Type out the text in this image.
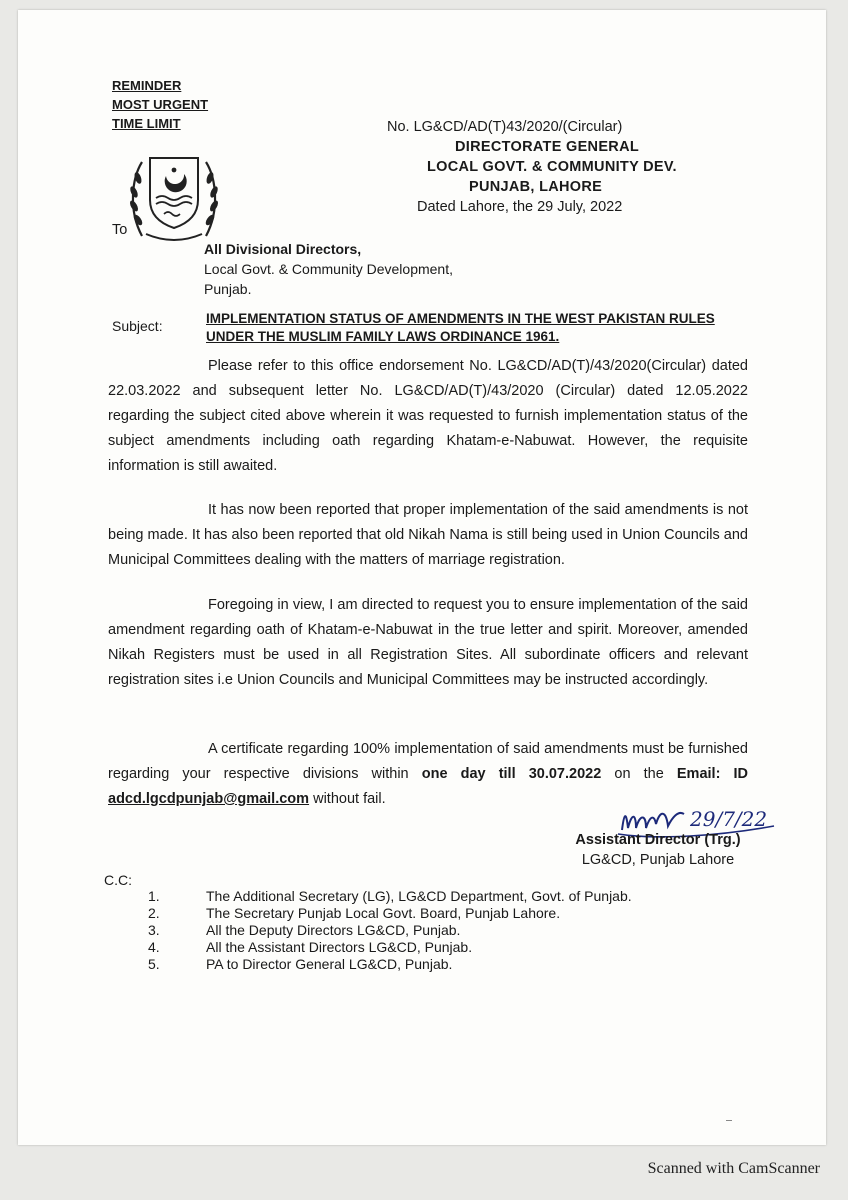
REMINDER
MOST URGENT
TIME LIMIT	No. LG&CD/AD(T)43/2020/(Circular)
DIRECTORATE GENERAL
LOCAL GOVT. & COMMUNITY DEV.
PUNJAB, LAHORE
Dated Lahore, the 29 July, 2022
To
All Divisional Directors,
Local Govt. & Community Development,
Punjab.
Subject:	IMPLEMENTATION STATUS OF AMENDMENTS IN THE WEST PAKISTAN RULES UNDER THE MUSLIM FAMILY LAWS ORDINANCE 1961.
Please refer to this office endorsement No. LG&CD/AD(T)/43/2020(Circular) dated 22.03.2022 and subsequent letter No. LG&CD/AD(T)/43/2020 (Circular) dated 12.05.2022 regarding the subject cited above wherein it was requested to furnish implementation status of the subject amendments including oath regarding Khatam-e-Nabuwat. However, the requisite information is still awaited.
It has now been reported that proper implementation of the said amendments is not being made. It has also been reported that old Nikah Nama is still being used in Union Councils and Municipal Committees dealing with the matters of marriage registration.
Foregoing in view, I am directed to request you to ensure implementation of the said amendment regarding oath of Khatam-e-Nabuwat in the true letter and spirit. Moreover, amended Nikah Registers must be used in all Registration Sites. All subordinate officers and relevant registration sites i.e Union Councils and Municipal Committees may be instructed accordingly.
A certificate regarding 100% implementation of said amendments must be furnished regarding your respective divisions within one day till 30.07.2022 on the Email: ID adcd.lgcdpunjab@gmail.com without fail.
29/7/22
Assistant Director (Trg.)
LG&CD, Punjab Lahore
C.C:
1.	The Additional Secretary (LG), LG&CD Department, Govt. of Punjab.
2.	The Secretary Punjab Local Govt. Board, Punjab Lahore.
3.	All the Deputy Directors LG&CD, Punjab.
4.	All the Assistant Directors LG&CD, Punjab.
5.	PA to Director General LG&CD, Punjab.
Scanned with CamScanner
